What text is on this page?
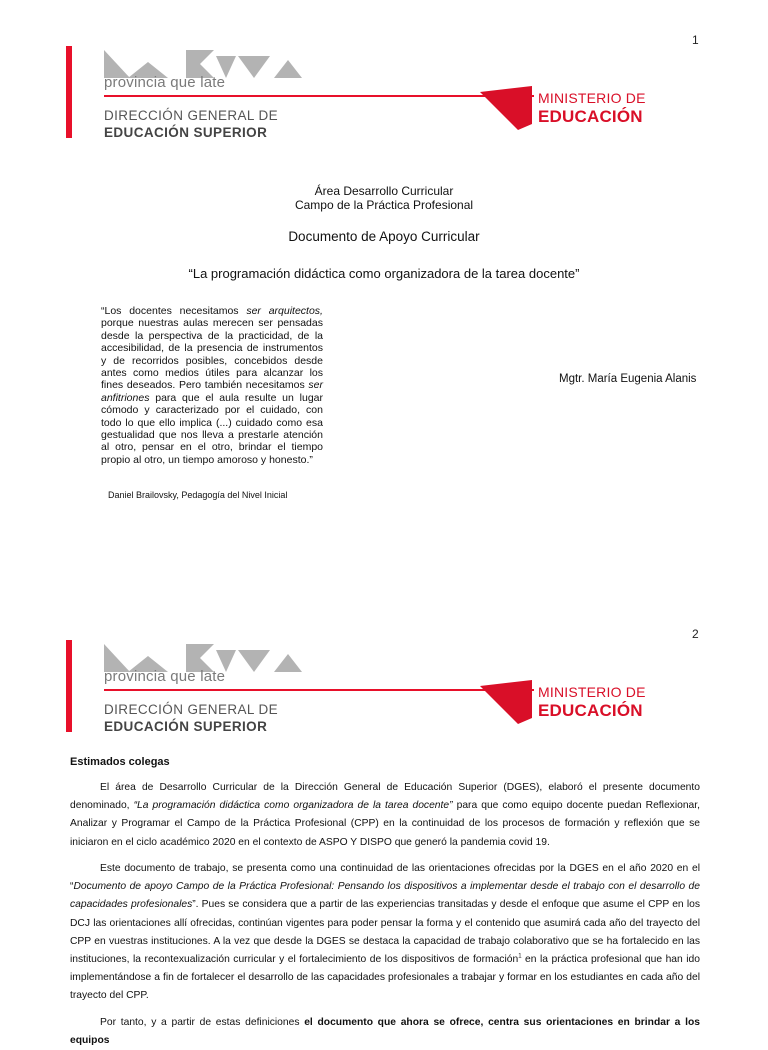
1
provincia que late
DIRECCIÓN GENERAL DE
EDUCACIÓN SUPERIOR
MINISTERIO DE
EDUCACIÓN
Área Desarrollo Curricular
Campo de la Práctica Profesional
Documento de Apoyo Curricular
“La programación didáctica como organizadora de la tarea docente”
“Los docentes necesitamos ser arquitectos, porque nuestras aulas merecen ser pensadas desde la perspectiva de la practicidad, de la accesibilidad, de la presencia de instrumentos y de recorridos posibles, concebidos desde antes como medios útiles para alcanzar los fines deseados. Pero también necesitamos ser anfitriones para que el aula resulte un lugar cómodo y caracterizado por el cuidado, con todo lo que ello implica (...) cuidado como esa gestualidad que nos lleva a prestarle atención al otro, pensar en el otro, brindar el tiempo propio al otro, un tiempo amoroso y honesto.”
Daniel Brailovsky, Pedagogía del Nivel Inicial
Mgtr. María Eugenia Alanis
2
provincia que late
DIRECCIÓN GENERAL DE
EDUCACIÓN SUPERIOR
MINISTERIO DE
EDUCACIÓN
Estimados colegas

El área de Desarrollo Curricular de la Dirección General de Educación Superior (DGES), elaboró el presente documento denominado, “La programación didáctica como organizadora de la tarea docente” para que como equipo docente puedan Reflexionar, Analizar y Programar el Campo de la Práctica Profesional (CPP) en la continuidad de los procesos de formación y reflexión que se iniciaron en el ciclo académico 2020 en el contexto de ASPO Y DISPO que generó la pandemia covid 19.

Este documento de trabajo, se presenta como una continuidad de las orientaciones ofrecidas por la DGES en el año 2020 en el “Documento de apoyo Campo de la Práctica Profesional: Pensando los dispositivos a implementar desde el trabajo con el desarrollo de capacidades profesionales”. Pues se considera que a partir de las experiencias transitadas y desde el enfoque que asume el CPP en los DCJ las orientaciones allí ofrecidas, continúan vigentes para poder pensar la forma y el contenido que asumirá cada año del trayecto del CPP en vuestras instituciones. A la vez que desde la DGES se destaca la capacidad de trabajo colaborativo que se ha fortalecido en las instituciones, la recontexualización curricular y el fortalecimiento de los dispositivos de formación$^1$ en la práctica profesional que han ido implementándose a fin de fortalecer el desarrollo de las capacidades profesionales a trabajar y formar en los estudiantes en cada año del trayecto del CPP.

Por tanto, y a partir de estas definiciones el documento que ahora se ofrece, centra sus orientaciones en brindar a los equipos
